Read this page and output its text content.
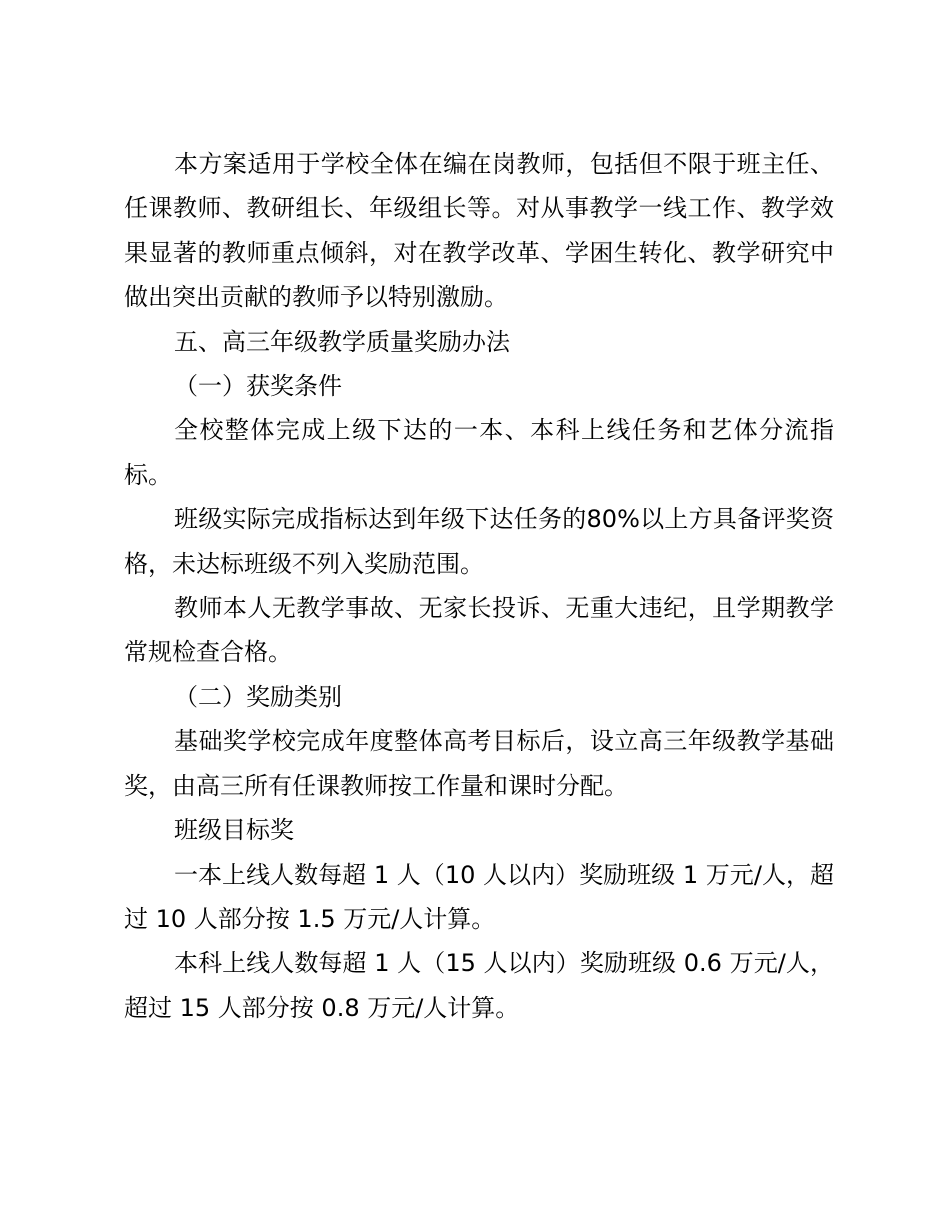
本方案适用于学校全体在编在岗教师，包括但不限于班主任、任课教师、教研组长、年级组长等。对从事教学一线工作、教学效果显著的教师重点倾斜，对在教学改革、学困生转化、教学研究中做出突出贡献的教师予以特别激励。

五、高三年级教学质量奖励办法

（一）获奖条件

全校整体完成上级下达的一本、本科上线任务和艺体分流指标。

班级实际完成指标达到年级下达任务的80%以上方具备评奖资格，未达标班级不列入奖励范围。

教师本人无教学事故、无家长投诉、无重大违纪，且学期教学常规检查合格。

（二）奖励类别

基础奖学校完成年度整体高考目标后，设立高三年级教学基础奖，由高三所有任课教师按工作量和课时分配。

班级目标奖

一本上线人数每超 1 人（10 人以内）奖励班级 1 万元/人，超过 10 人部分按 1.5 万元/人计算。

本科上线人数每超 1 人（15 人以内）奖励班级 0.6 万元/人，超过 15 人部分按 0.8 万元/人计算。
